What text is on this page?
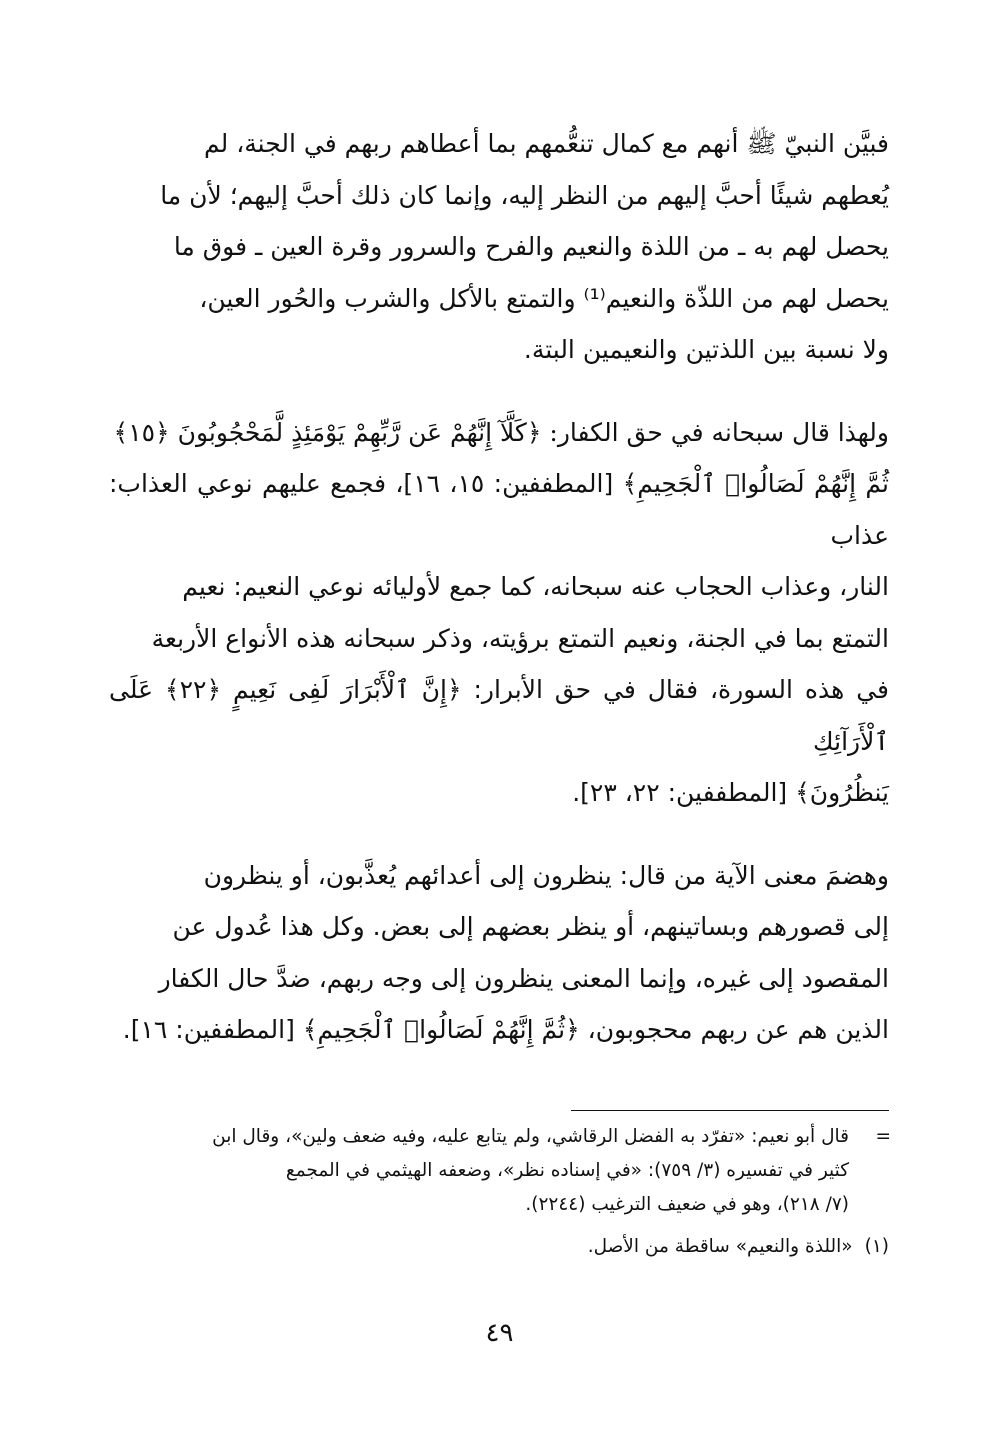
فبيَّن النبيّ ﷺ أنهم مع كمال تنعُّمهم بما أعطاهم ربهم في الجنة، لم
يُعطهم شيئًا أحبَّ إليهم من النظر إليه، وإنما كان ذلك أحبَّ إليهم؛ لأن ما
يحصل لهم به ـ من اللذة والنعيم والفرح والسرور وقرة العين ـ فوق ما
يحصل لهم من اللذّة والنعيم⁽¹⁾ والتمتع بالأكل والشرب والحُور العين،
ولا نسبة بين اللذتين والنعيمين البتة.

ولهذا قال سبحانه في حق الكفار: ﴿كَلَّآ إِنَّهُمْ عَن رَّبِّهِمْ يَوْمَئِذٍ لَّمَحْجُوبُونَ ﴿١٥﴾
ثُمَّ إِنَّهُمْ لَصَالُوا۟ ٱلْجَحِيمِ﴾ [المطففين: ١٥، ١٦]، فجمع عليهم نوعي العذاب: عذاب
النار، وعذاب الحجاب عنه سبحانه، كما جمع لأوليائه نوعي النعيم: نعيم
التمتع بما في الجنة، ونعيم التمتع برؤيته، وذكر سبحانه هذه الأنواع الأربعة
في هذه السورة، فقال في حق الأبرار: ﴿إِنَّ ٱلْأَبْرَارَ لَفِى نَعِيمٍ ﴿٢٢﴾ عَلَى ٱلْأَرَآئِكِ
يَنظُرُونَ﴾ [المطففين: ٢٢، ٢٣].

وهضمَ معنى الآية من قال: ينظرون إلى أعدائهم يُعذَّبون، أو ينظرون
إلى قصورهم وبساتينهم، أو ينظر بعضهم إلى بعض. وكل هذا عُدول عن
المقصود إلى غيره، وإنما المعنى ينظرون إلى وجه ربهم، ضدَّ حال الكفار
الذين هم عن ربهم محجوبون، ﴿ثُمَّ إِنَّهُمْ لَصَالُوا۟ ٱلْجَحِيمِ﴾ [المطففين: ١٦].

=
قال أبو نعيم: «تفرّد به الفضل الرقاشي، ولم يتابع عليه، وفيه ضعف ولين»، وقال ابن
كثير في تفسيره (٣/ ٧٥٩): «في إسناده نظر»، وضعفه الهيثمي في المجمع
(٧/ ٢١٨)، وهو في ضعيف الترغيب (٢٢٤٤).
(١)«اللذة والنعيم» ساقطة من الأصل.
٤٩
